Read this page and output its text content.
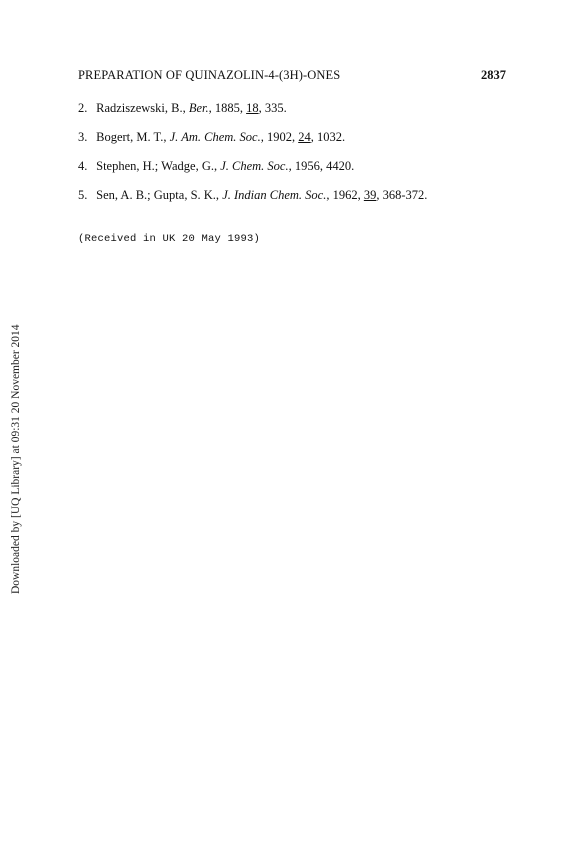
PREPARATION OF QUINAZOLIN-4-(3H)-ONES	2837
2. Radziszewski, B., Ber., 1885, 18, 335.
3. Bogert, M. T., J. Am. Chem. Soc., 1902, 24, 1032.
4. Stephen, H.; Wadge, G., J. Chem. Soc., 1956, 4420.
5. Sen, A. B.; Gupta, S. K., J. Indian Chem. Soc., 1962, 39, 368-372.
(Received in UK 20 May 1993)
Downloaded by [UQ Library] at 09:31 20 November 2014
